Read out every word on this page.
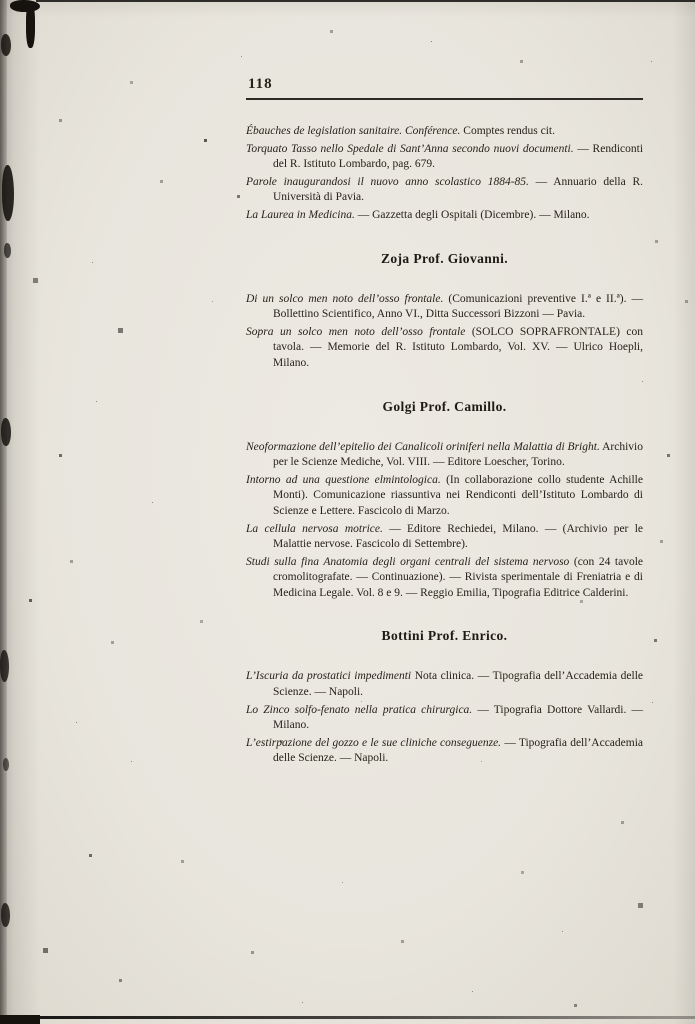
118

Ébauches de legislation sanitaire. Conférence. Comptes rendus cit.

Torquato Tasso nello Spedale di Sant’Anna secondo nuovi documenti. — Rendiconti del R. Istituto Lombardo, pag. 679.

Parole inaugurandosi il nuovo anno scolastico 1884-85. — Annuario della R. Università di Pavia.

La Laurea in Medicina. — Gazzetta degli Ospitali (Dicembre). — Milano.

Zoja Prof. Giovanni.

Di un solco men noto dell’osso frontale. (Comunicazioni preventive I.ª e II.ª). — Bollettino Scientifico, Anno VI., Ditta Successori Bizzoni — Pavia.

Sopra un solco men noto dell’osso frontale (SOLCO SOPRAFRONTALE) con tavola. — Memorie del R. Istituto Lombardo, Vol. XV. — Ulrico Hoepli, Milano.

Golgi Prof. Camillo.

Neoformazione dell’epitelio dei Canalicoli oriniferi nella Malattia di Bright. Archivio per le Scienze Mediche, Vol. VIII. — Editore Loescher, Torino.

Intorno ad una questione elmintologica. (In collaborazione collo studente Achille Monti). Comunicazione riassuntiva nei Rendiconti dell’Istituto Lombardo di Scienze e Lettere. Fascicolo di Marzo.

La cellula nervosa motrice. — Editore Rechiedei, Milano. — (Archivio per le Malattie nervose. Fascicolo di Settembre).

Studi sulla fina Anatomia degli organi centrali del sistema nervoso (con 24 tavole cromolitografate. — Continuazione). — Rivista sperimentale di Freniatria e di Medicina Legale. Vol. 8 e 9. — Reggio Emilia, Tipografia Editrice Calderini.

Bottini Prof. Enrico.

L’Iscuria da prostatici impedimenti Nota clinica. — Tipografia dell’Accademia delle Scienze. — Napoli.

Lo Zinco solfo-fenato nella pratica chirurgica. — Tipografia Dottore Vallardi. — Milano.

L’estirpazione del gozzo e le sue cliniche conseguenze. — Tipografia dell’Accademia delle Scienze. — Napoli.
